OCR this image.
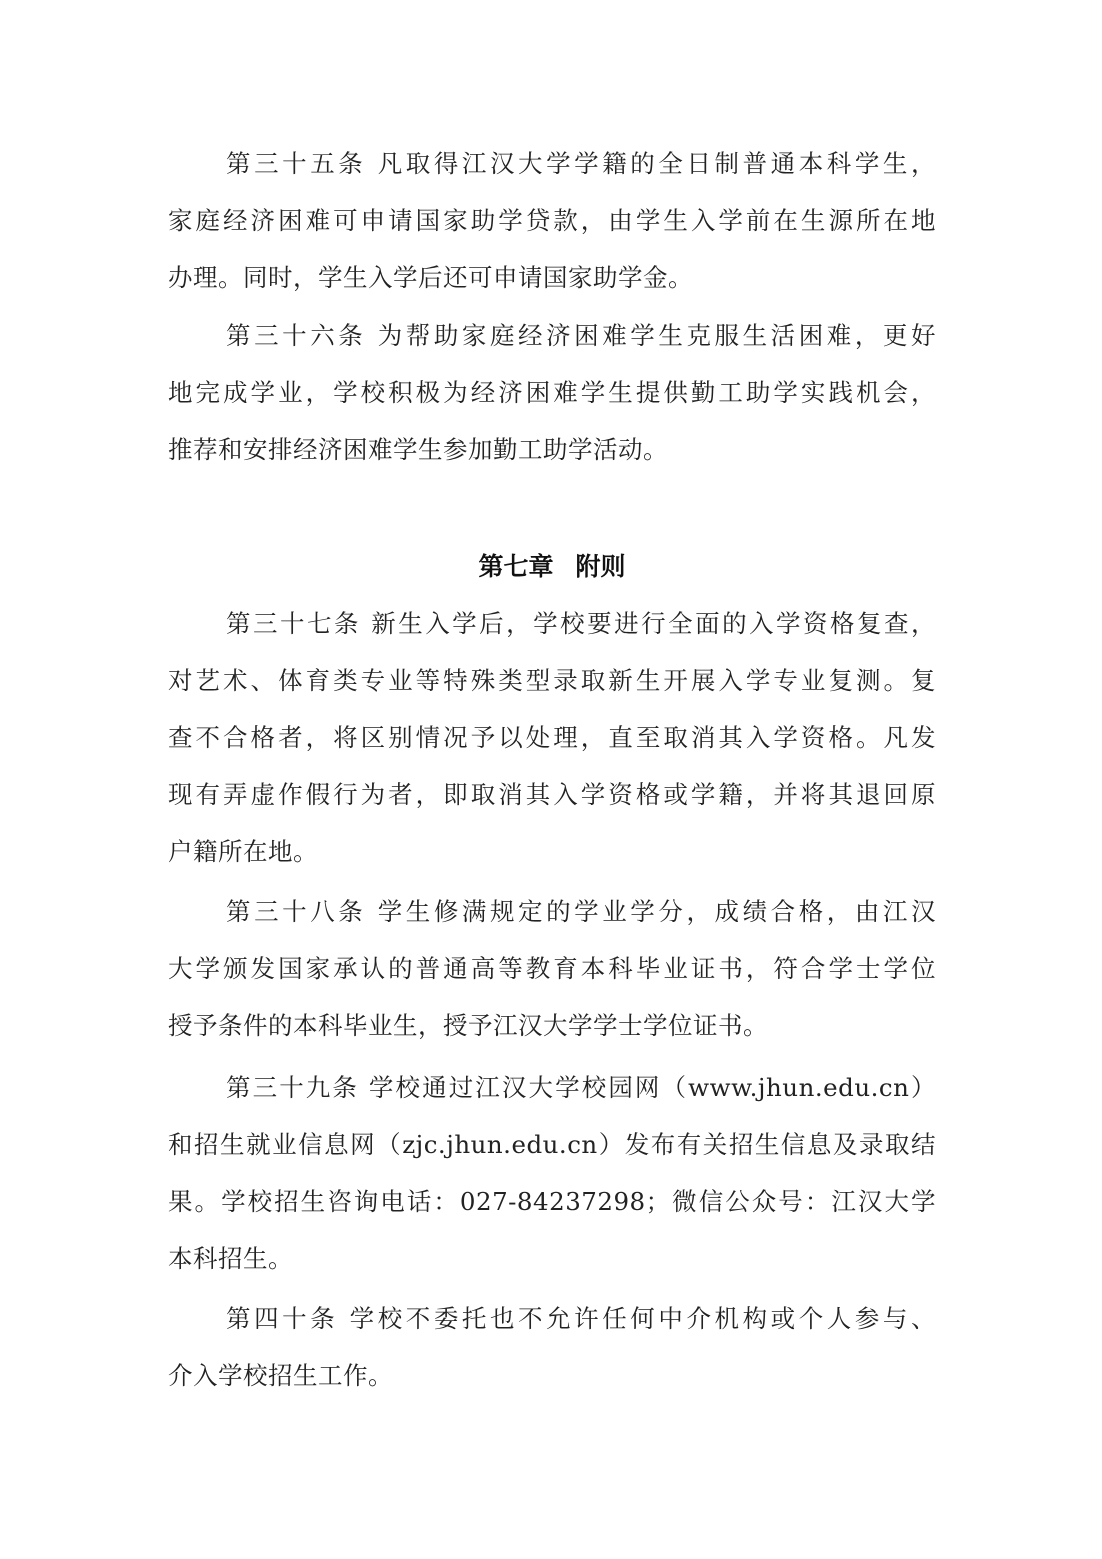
第三十五条 凡取得江汉大学学籍的全日制普通本科学生，
家庭经济困难可申请国家助学贷款，由学生入学前在生源所在地
办理。同时，学生入学后还可申请国家助学金。
第三十六条 为帮助家庭经济困难学生克服生活困难，更好
地完成学业，学校积极为经济困难学生提供勤工助学实践机会，
推荐和安排经济困难学生参加勤工助学活动。
第七章 附则
第三十七条 新生入学后，学校要进行全面的入学资格复查，
对艺术、体育类专业等特殊类型录取新生开展入学专业复测。复
查不合格者，将区别情况予以处理，直至取消其入学资格。凡发
现有弄虚作假行为者，即取消其入学资格或学籍，并将其退回原
户籍所在地。
第三十八条 学生修满规定的学业学分，成绩合格，由江汉
大学颁发国家承认的普通高等教育本科毕业证书，符合学士学位
授予条件的本科毕业生，授予江汉大学学士学位证书。
第三十九条 学校通过江汉大学校园网（www.jhun.edu.cn）
和招生就业信息网（zjc.jhun.edu.cn）发布有关招生信息及录取结
果。学校招生咨询电话：027-84237298；微信公众号：江汉大学
本科招生。
第四十条 学校不委托也不允许任何中介机构或个人参与、
介入学校招生工作。
